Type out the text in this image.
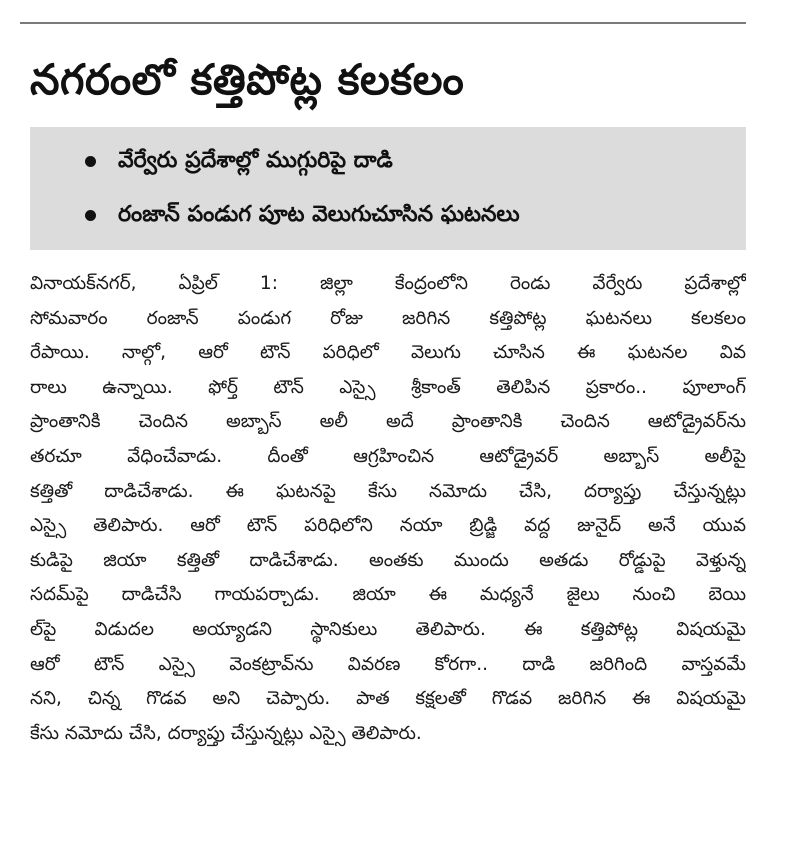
నగరంలో కత్తిపోట్ల కలకలం
వేర్వేరు ప్రదేశాల్లో ముగ్గురిపై దాడి
రంజాన్ పండుగ పూట వెలుగుచూసిన ఘటనలు
వినాయక్‌నగర్, ఏప్రిల్ 1: జిల్లా కేంద్రంలోని రెండు వేర్వేరు ప్రదేశాల్లో
సోమవారం రంజాన్ పండుగ రోజు జరిగిన కత్తిపోట్ల ఘటనలు కలకలం
రేపాయి. నాల్గో, ఆరో టౌన్ పరిధిలో వెలుగు చూసిన ఈ ఘటనల వివ
రాలు ఉన్నాయి. ఫోర్త్ టౌన్ ఎస్సై శ్రీకాంత్ తెలిపిన ప్రకారం.. పూలాంగ్
ప్రాంతానికి చెందిన అబ్బాస్ అలీ అదే ప్రాంతానికి చెందిన ఆటోడ్రైవర్‌ను
తరచూ వేధించేవాడు. దీంతో ఆగ్రహించిన ఆటోడ్రైవర్ అబ్బాస్ అలీపై
కత్తితో దాడిచేశాడు. ఈ ఘటనపై కేసు నమోదు చేసి, దర్యాప్తు చేస్తున్నట్లు
ఎస్సై తెలిపారు. ఆరో టౌన్ పరిధిలోని నయా బ్రిడ్జి వద్ద జునైద్ అనే యువ
కుడిపై జియా కత్తితో దాడిచేశాడు. అంతకు ముందు అతడు రోడ్డుపై వెళ్తున్న
సదమ్‌పై దాడిచేసి గాయపర్చాడు. జియా ఈ మధ్యనే జైలు నుంచి బెయి
ల్‌పై విడుదల అయ్యాడని స్థానికులు తెలిపారు. ఈ కత్తిపోట్ల విషయమై
ఆరో టౌన్ ఎస్సై వెంకట్రావ్‌ను వివరణ కోరగా.. దాడి జరిగింది వాస్తవమే
నని, చిన్న గొడవ అని చెప్పారు. పాత కక్షలతో గొడవ జరిగిన ఈ విషయమై
కేసు నమోదు చేసి, దర్యాప్తు చేస్తున్నట్లు ఎస్సై తెలిపారు.
